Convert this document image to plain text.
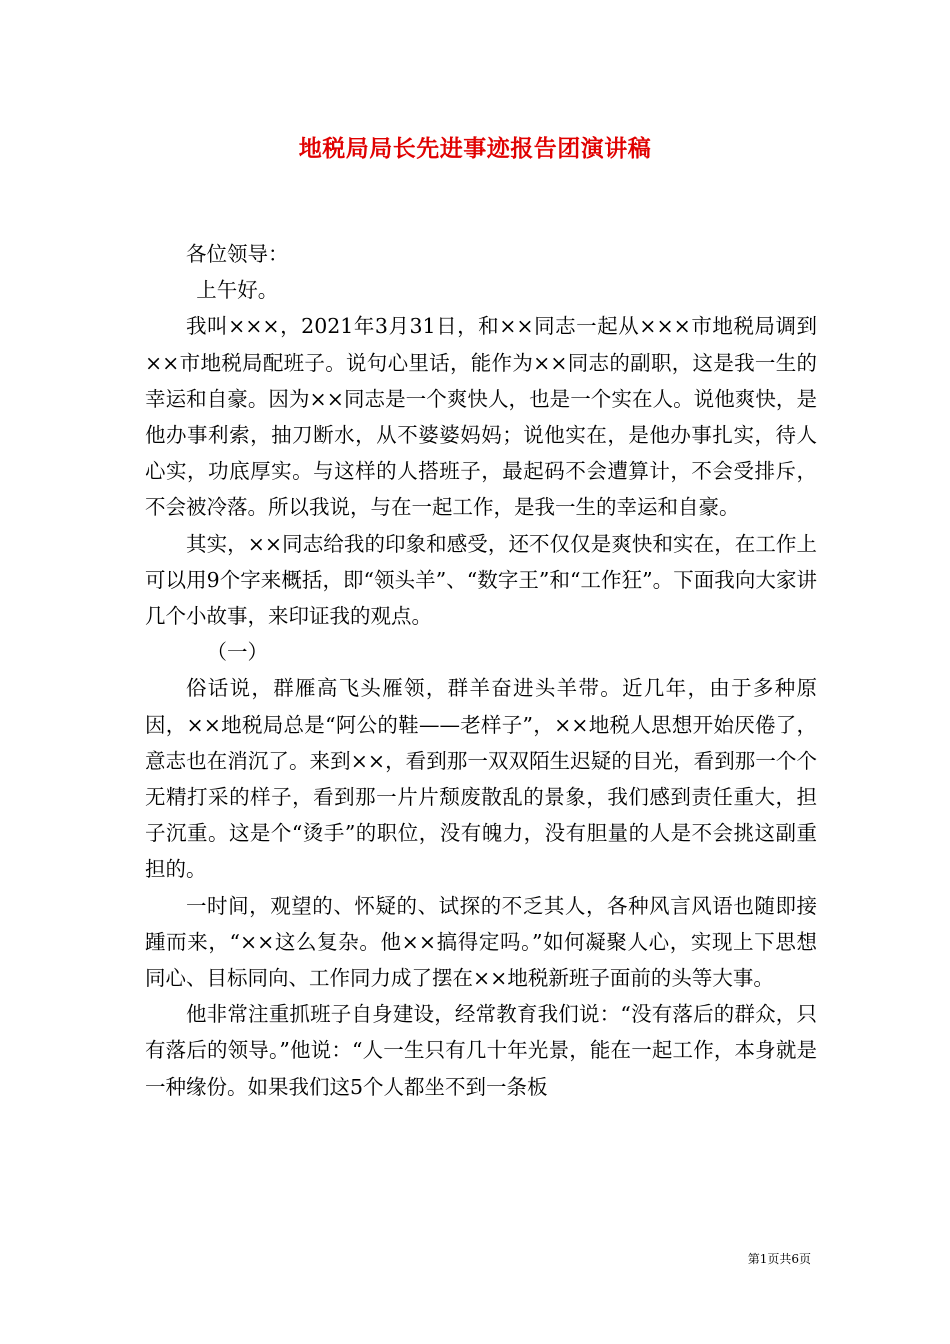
地税局局长先进事迹报告团演讲稿

各位领导：

上午好。

我叫×××，2021年3月31日，和××同志一起从×××市地税局调到××市地税局配班子。说句心里话，能作为××同志的副职，这是我一生的幸运和自豪。因为××同志是一个爽快人，也是一个实在人。说他爽快，是他办事利索，抽刀断水，从不婆婆妈妈；说他实在，是他办事扎实，待人心实，功底厚实。与这样的人搭班子，最起码不会遭算计，不会受排斥，不会被冷落。所以我说，与在一起工作，是我一生的幸运和自豪。

其实，××同志给我的印象和感受，还不仅仅是爽快和实在，在工作上可以用9个字来概括，即“领头羊”、“数字王”和“工作狂”。下面我向大家讲几个小故事，来印证我的观点。

（一）

俗话说，群雁高飞头雁领，群羊奋进头羊带。近几年，由于多种原因，××地税局总是“阿公的鞋——老样子”，××地税人思想开始厌倦了，意志也在消沉了。来到××，看到那一双双陌生迟疑的目光，看到那一个个无精打采的样子，看到那一片片颓废散乱的景象，我们感到责任重大，担子沉重。这是个“烫手”的职位，没有魄力，没有胆量的人是不会挑这副重担的。

一时间，观望的、怀疑的、试探的不乏其人，各种风言风语也随即接踵而来，“××这么复杂。他××搞得定吗。”如何凝聚人心，实现上下思想同心、目标同向、工作同力成了摆在××地税新班子面前的头等大事。

他非常注重抓班子自身建设，经常教育我们说：“没有落后的群众，只有落后的领导。”他说：“人一生只有几十年光景，能在一起工作，本身就是一种缘份。如果我们这5个人都坐不到一条板

第1页共6页
